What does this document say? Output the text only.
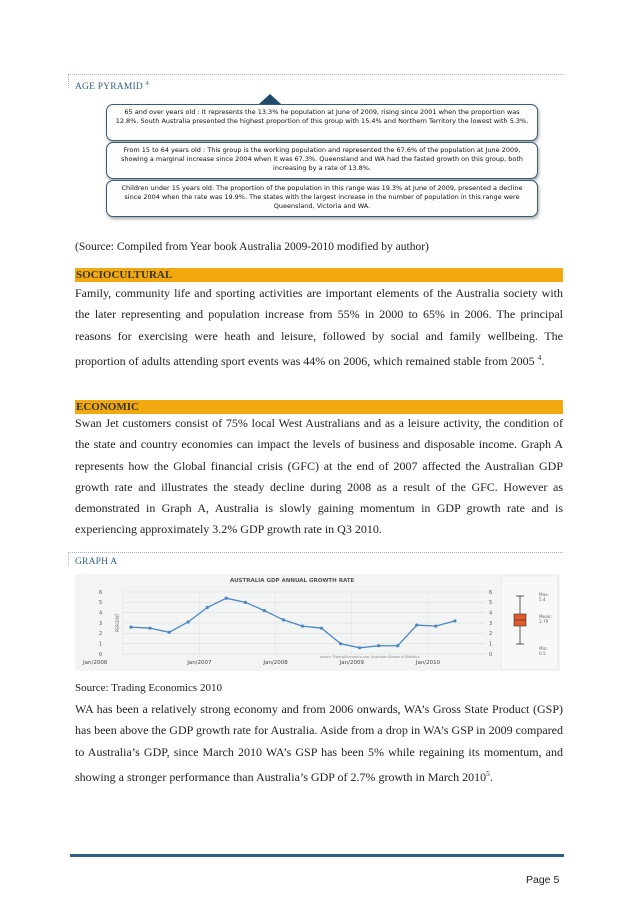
AGE PYRAMID $^4$
65 and over years old : It represents the 13.3% he population at June of 2009, rising since 2001 when the proportion was 12.8%. South Australia presented the highest proportion of this group with 15.4% and Northern Territory the lowest with 5.3%.
From 15 to 64 years old : This group is the working population and represented the 67.6% of the population at June 2009, showing a marginal increase since 2004 when it was 67.3%. Queensland and WA had the fasted growth on this group, both increasing by a rate of 13.8%.
Children under 15 years old: The proportion of the population in this range was 19.3% at June of 2009, presented a decline since 2004 when the rate was 19.9%. The states with the largest increase in the number of population in this range were Queensland, Victoria and WA.
(Source: Compiled from Year book Australia 2009-2010 modified by author)
SOCIOCULTURAL

Family, community life and sporting activities are important elements of the Australia society with the later representing and population increase from 55% in 2000 to 65% in 2006. The principal reasons for exercising were heath and leisure, followed by social and family wellbeing. The proportion of adults attending sport events was 44% on 2006, which remained stable from 2005 $^4$.

ECONOMIC

Swan Jet customers consist of 75% local West Australians and as a leisure activity, the condition of the state and country economies can impact the levels of business and disposable income. Graph A represents how the Global financial crisis (GFC) at the end of 2007 affected the Australian GDP growth rate and illustrates the steady decline during 2008 as a result of the GFC. However as demonstrated in Graph A, Australia is slowly gaining momentum in GDP growth rate and is experiencing approximately 3.2% GDP growth rate in Q3 2010.

GRAPH A
AUSTRALIA GDP ANNUAL GROWTH RATE
0	0
1	1
2	2
3	3
4	4
5	5
6	6
Jan/2006	Jan/2007	Jan/2008	Jan/2009	Jan/2010
PERCENT
source: TradingEconomics.com; Australian Bureau of Statistics
Max:
5.4
Mean:
2.79
Min:
0.5
Source: Trading Economics 2010

WA has been a relatively strong economy and from 2006 onwards, WA’s Gross State Product (GSP) has been above the GDP growth rate for Australia. Aside from a drop in WA’s GSP in 2009 compared to Australia’s GDP, since March 2010 WA’s GSP has been 5% while regaining its momentum, and showing a stronger performance than Australia’s GDP of 2.7% growth in March 2010$^5$.

Page 5
